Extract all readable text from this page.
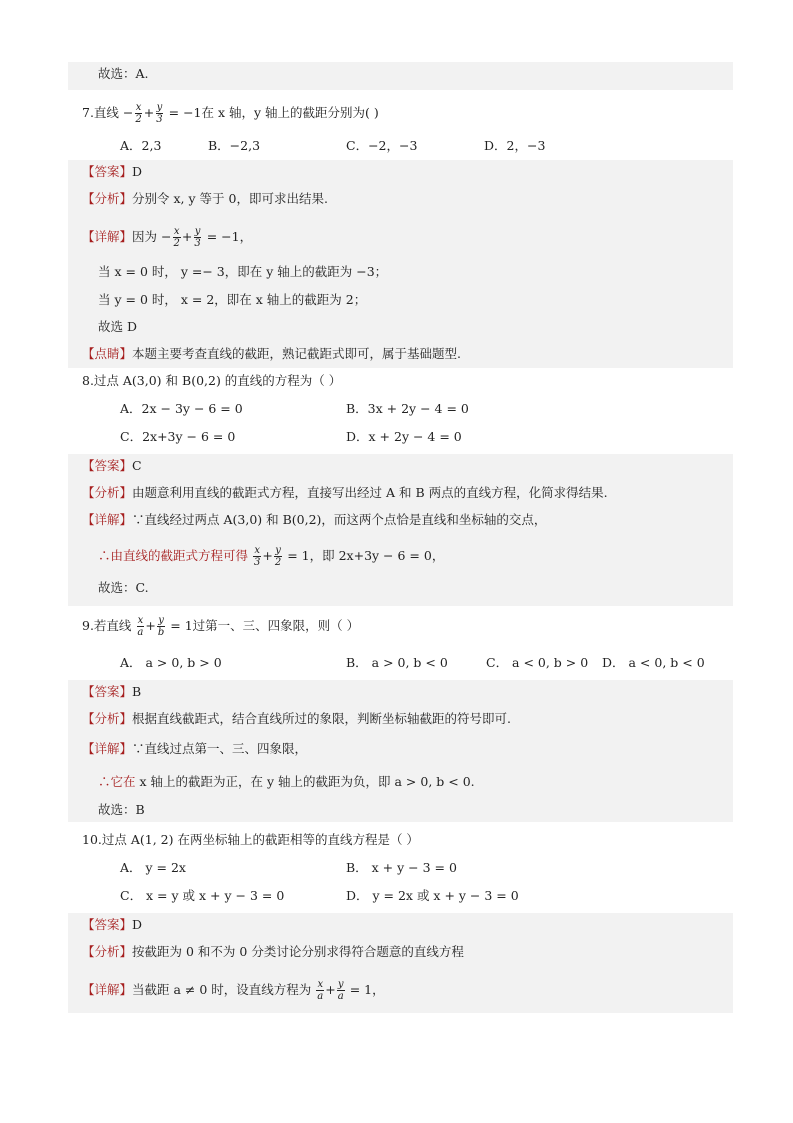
故选：A.
7.直线 − $\frac{x}{2} + \frac{y}{3} = -1$在 x 轴，y 轴上的截距分别为( )
A．2,3	B．−2,3	C．−2，−3	D．2，−3
【答案】D
【分析】分别令 x, y 等于 0，即可求出结果.
【详解】因为 − $\frac{x}{2} + \frac{y}{3} = -1$，
当 x = 0 时， y =− 3，即在 y 轴上的截距为 −3；
当 y = 0 时， x = 2，即在 x 轴上的截距为 2；
故选 D
【点睛】本题主要考查直线的截距，熟记截距式即可，属于基础题型.
8.过点 A(3,0) 和 B(0,2) 的直线的方程为（ ）
A．2x − 3y − 6 = 0	B．3x + 2y − 4 = 0
C．2x+3y − 6 = 0	D．x + 2y − 4 = 0
【答案】C
【分析】由题意利用直线的截距式方程，直接写出经过 A 和 B 两点的直线方程，化简求得结果.
【详解】∵直线经过两点 A(3,0) 和 B(0,2)，而这两个点恰是直线和坐标轴的交点，
∴由直线的截距式方程可得 $\frac{x}{3} + \frac{y}{2} = 1$，即 2x+3y − 6 = 0，
故选：C.
9.若直线 $\frac{x}{a} + \frac{y}{b} = 1$过第一、三、四象限，则（ ）
A． a > 0, b > 0	B． a > 0, b < 0	C． a < 0, b > 0 D． a < 0, b < 0
【答案】B
【分析】根据直线截距式，结合直线所过的象限，判断坐标轴截距的符号即可.
【详解】∵直线过点第一、三、四象限，
∴它在 x 轴上的截距为正，在 y 轴上的截距为负，即 a > 0, b < 0.
故选：B
10.过点 A(1, 2) 在两坐标轴上的截距相等的直线方程是（ ）
A． y = 2x	B． x + y − 3 = 0
C． x = y 或 x + y − 3 = 0	D． y = 2x 或 x + y − 3 = 0
【答案】D
【分析】按截距为 0 和不为 0 分类讨论分别求得符合题意的直线方程
【详解】当截距 a ≠ 0 时，设直线方程为 $\frac{x}{a} + \frac{y}{a} = 1$，
